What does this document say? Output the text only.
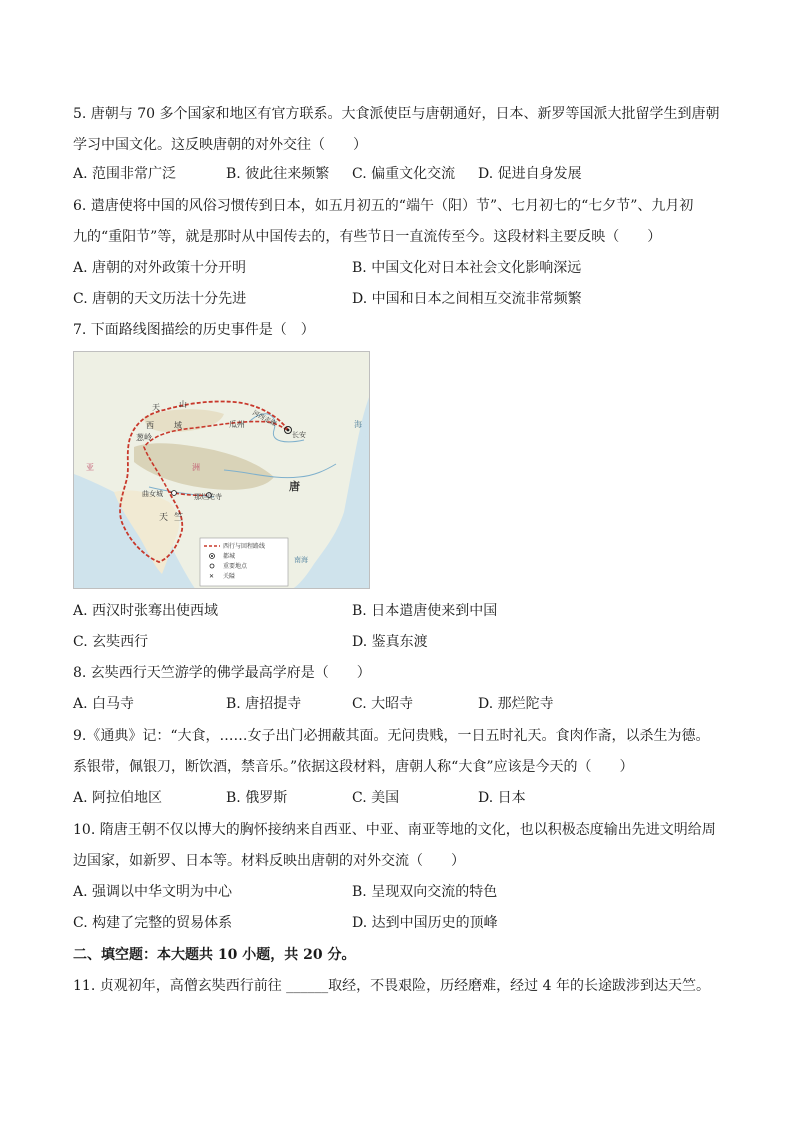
5. 唐朝与 70 多个国家和地区有官方联系。大食派使臣与唐朝通好，日本、新罗等国派大批留学生到唐朝
学习中国文化。这反映唐朝的对外交往（　　）
A. 范围非常广泛	B. 彼此往来频繁 C. 偏重文化交流 D. 促进自身发展
6. 遣唐使将中国的风俗习惯传到日本，如五月初五的“端午（阳）节”、七月初七的“七夕节”、九月初
九的“重阳节”等，就是那时从中国传去的，有些节日一直流传至今。这段材料主要反映（　　）
A. 唐朝的对外政策十分开明	B. 中国文化对日本社会文化影响深远
C. 唐朝的天文历法十分先进	D. 中国和日本之间相互交流非常频繁
7. 下面路线图描绘的历史事件是（　）
天 山
西	域
葱岭
瓜州
长安
曲女城	那烂陀寺
天 竺
唐
海
南海
亚	洲
河西走廊
✕
西行与回程路线
都城
重要地点
关隘
A. 西汉时张骞出使西域	B. 日本遣唐使来到中国
C. 玄奘西行	D. 鉴真东渡
8. 玄奘西行天竺游学的佛学最高学府是（　　）
A. 白马寺	B. 唐招提寺	C. 大昭寺	D. 那烂陀寺
9.《通典》记：“大食，……女子出门必拥蔽其面。无问贵贱，一日五时礼天。食肉作斋，以杀生为德。
系银带，佩银刀，断饮酒，禁音乐。”依据这段材料，唐朝人称“大食”应该是今天的（　　）
A. 阿拉伯地区	B. 俄罗斯	C. 美国	D. 日本
10. 隋唐王朝不仅以博大的胸怀接纳来自西亚、中亚、南亚等地的文化，也以积极态度输出先进文明给周
边国家，如新罗、日本等。材料反映出唐朝的对外交流（　　）
A. 强调以中华文明为中心	B. 呈现双向交流的特色
C. 构建了完整的贸易体系	D. 达到中国历史的顶峰
二、填空题：本大题共 10 小题，共 20 分。
11. 贞观初年，高僧玄奘西行前往 ______取经，不畏艰险，历经磨难，经过 4 年的长途跋涉到达天竺。
